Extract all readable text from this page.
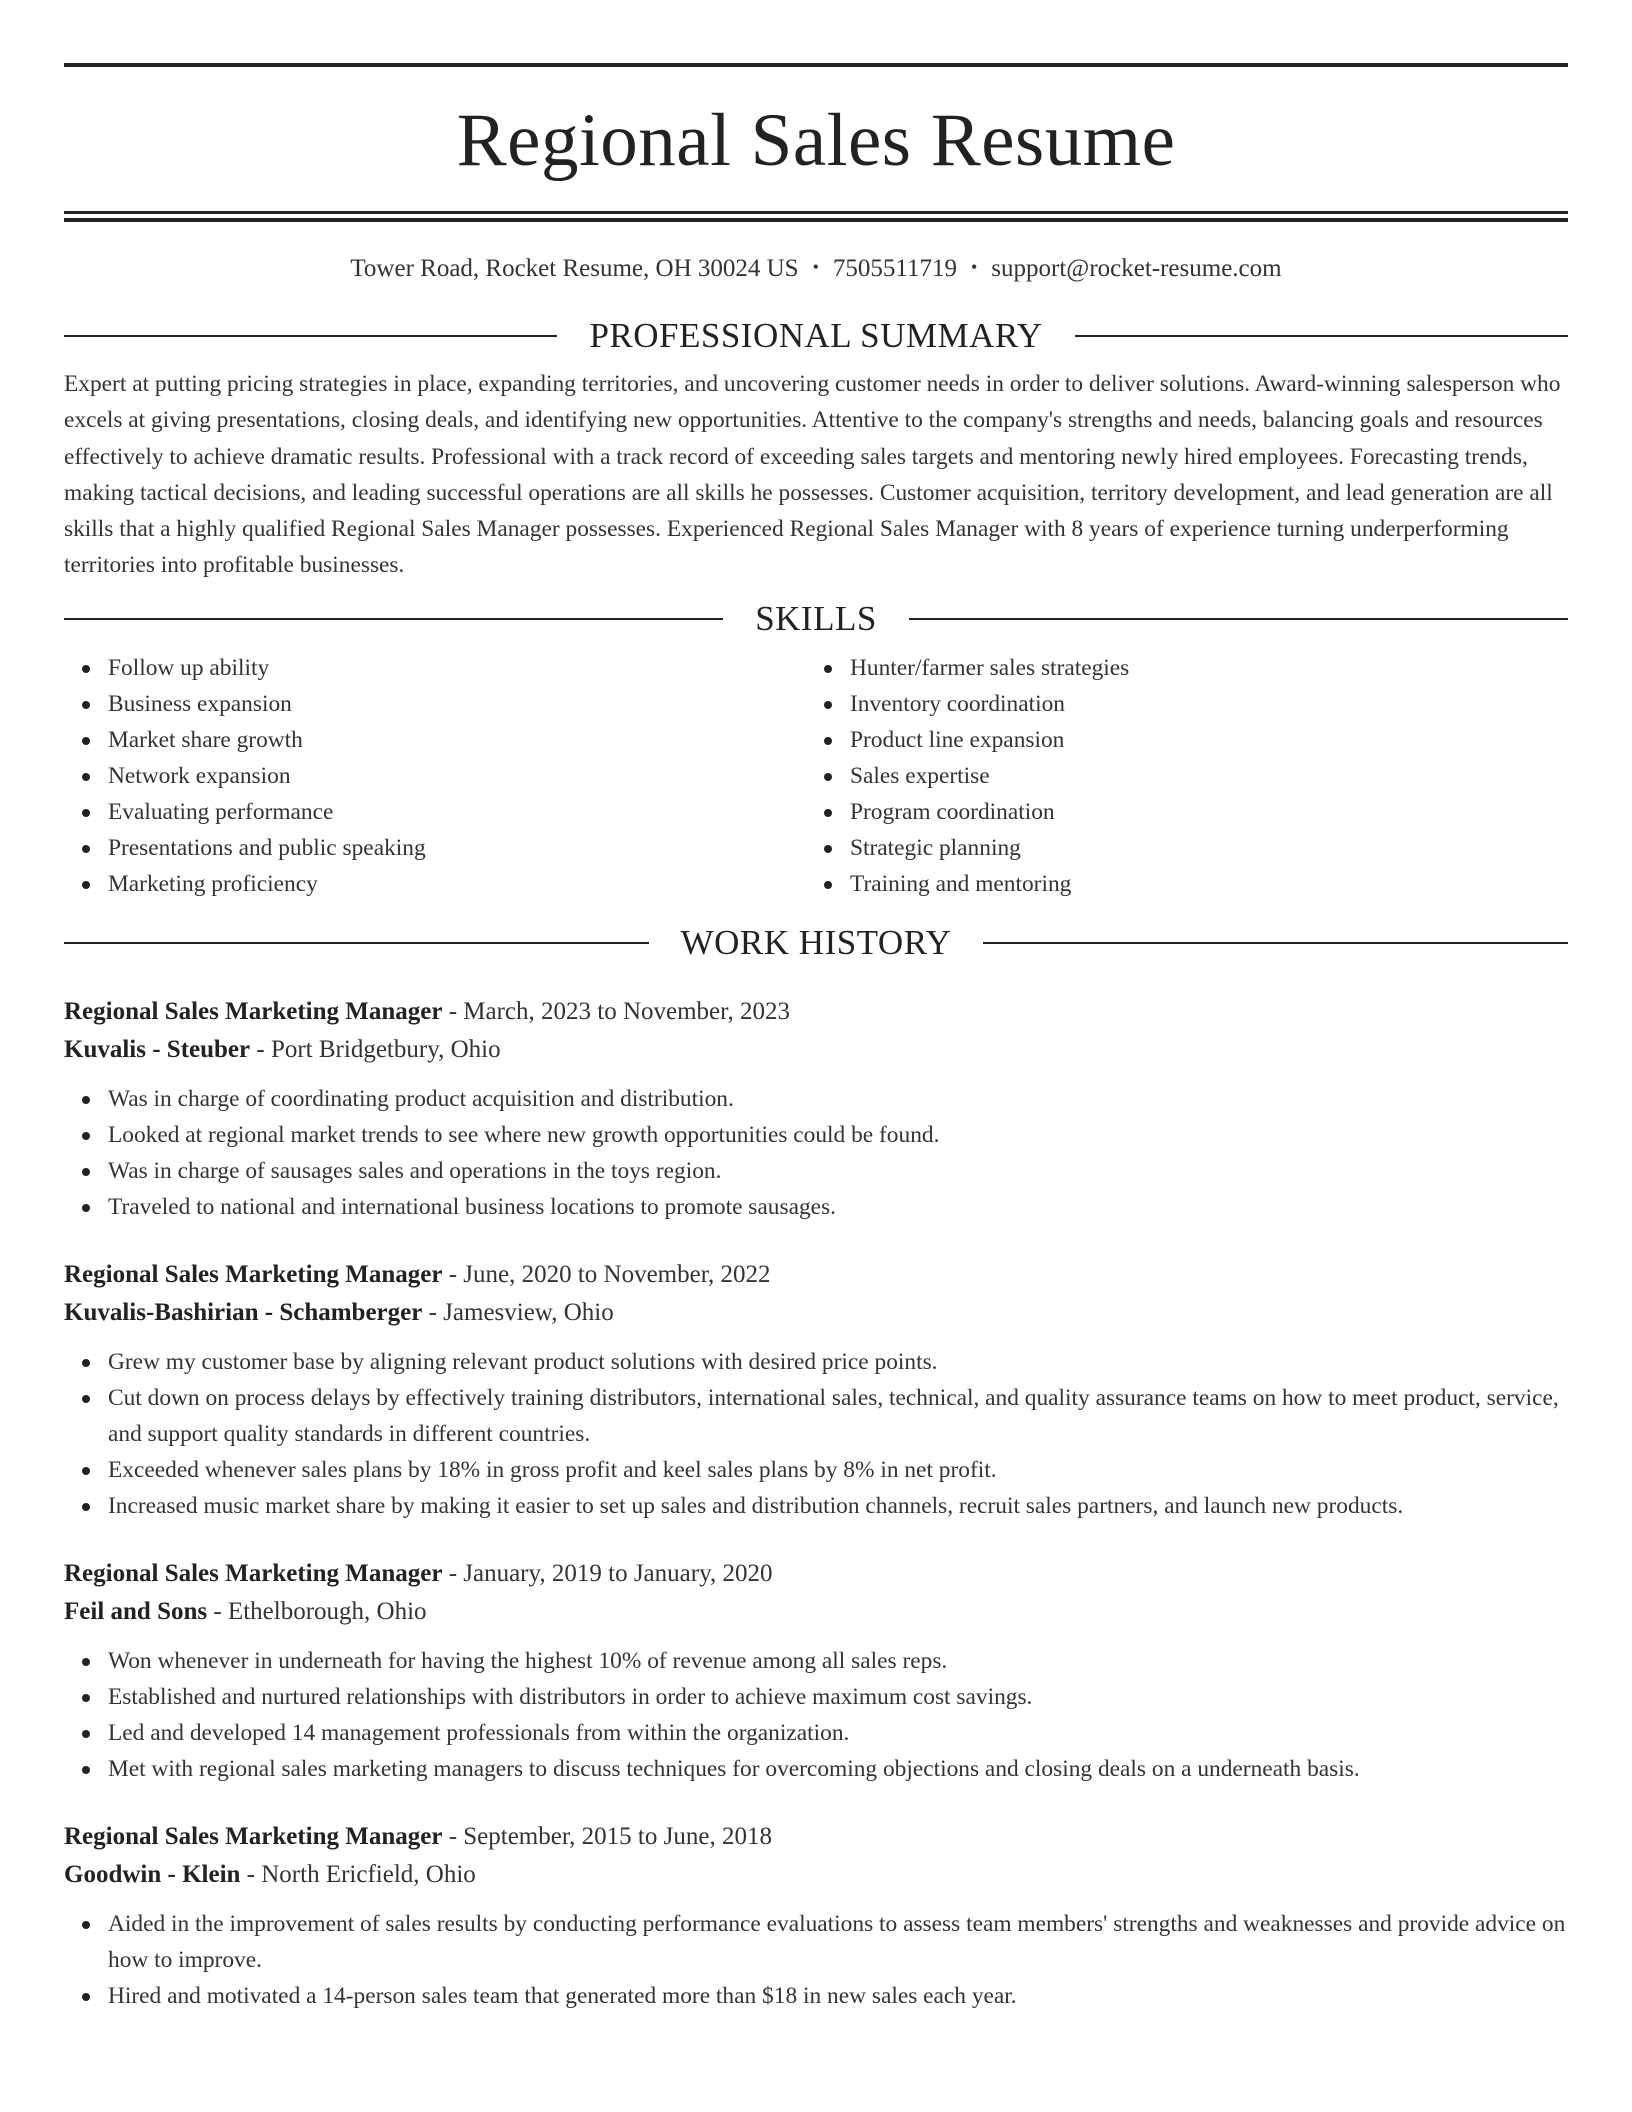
Regional Sales Resume
Tower Road, Rocket Resume, OH 30024 US • 7505511719 • support@rocket-resume.com
PROFESSIONAL SUMMARY
Expert at putting pricing strategies in place, expanding territories, and uncovering customer needs in order to deliver solutions. Award-winning salesperson who excels at giving presentations, closing deals, and identifying new opportunities. Attentive to the company's strengths and needs, balancing goals and resources effectively to achieve dramatic results. Professional with a track record of exceeding sales targets and mentoring newly hired employees. Forecasting trends, making tactical decisions, and leading successful operations are all skills he possesses. Customer acquisition, territory development, and lead generation are all skills that a highly qualified Regional Sales Manager possesses. Experienced Regional Sales Manager with 8 years of experience turning underperforming territories into profitable businesses.
SKILLS
Follow up ability
Business expansion
Market share growth
Network expansion
Evaluating performance
Presentations and public speaking
Marketing proficiency
Hunter/farmer sales strategies
Inventory coordination
Product line expansion
Sales expertise
Program coordination
Strategic planning
Training and mentoring
WORK HISTORY
Regional Sales Marketing Manager - March, 2023 to November, 2023
Kuvalis - Steuber - Port Bridgetbury, Ohio
Was in charge of coordinating product acquisition and distribution.
Looked at regional market trends to see where new growth opportunities could be found.
Was in charge of sausages sales and operations in the toys region.
Traveled to national and international business locations to promote sausages.
Regional Sales Marketing Manager - June, 2020 to November, 2022
Kuvalis-Bashirian - Schamberger - Jamesview, Ohio
Grew my customer base by aligning relevant product solutions with desired price points.
Cut down on process delays by effectively training distributors, international sales, technical, and quality assurance teams on how to meet product, service, and support quality standards in different countries.
Exceeded whenever sales plans by 18% in gross profit and keel sales plans by 8% in net profit.
Increased music market share by making it easier to set up sales and distribution channels, recruit sales partners, and launch new products.
Regional Sales Marketing Manager - January, 2019 to January, 2020
Feil and Sons - Ethelborough, Ohio
Won whenever in underneath for having the highest 10% of revenue among all sales reps.
Established and nurtured relationships with distributors in order to achieve maximum cost savings.
Led and developed 14 management professionals from within the organization.
Met with regional sales marketing managers to discuss techniques for overcoming objections and closing deals on a underneath basis.
Regional Sales Marketing Manager - September, 2015 to June, 2018
Goodwin - Klein - North Ericfield, Ohio
Aided in the improvement of sales results by conducting performance evaluations to assess team members' strengths and weaknesses and provide advice on how to improve.
Hired and motivated a 14-person sales team that generated more than $18 in new sales each year.
